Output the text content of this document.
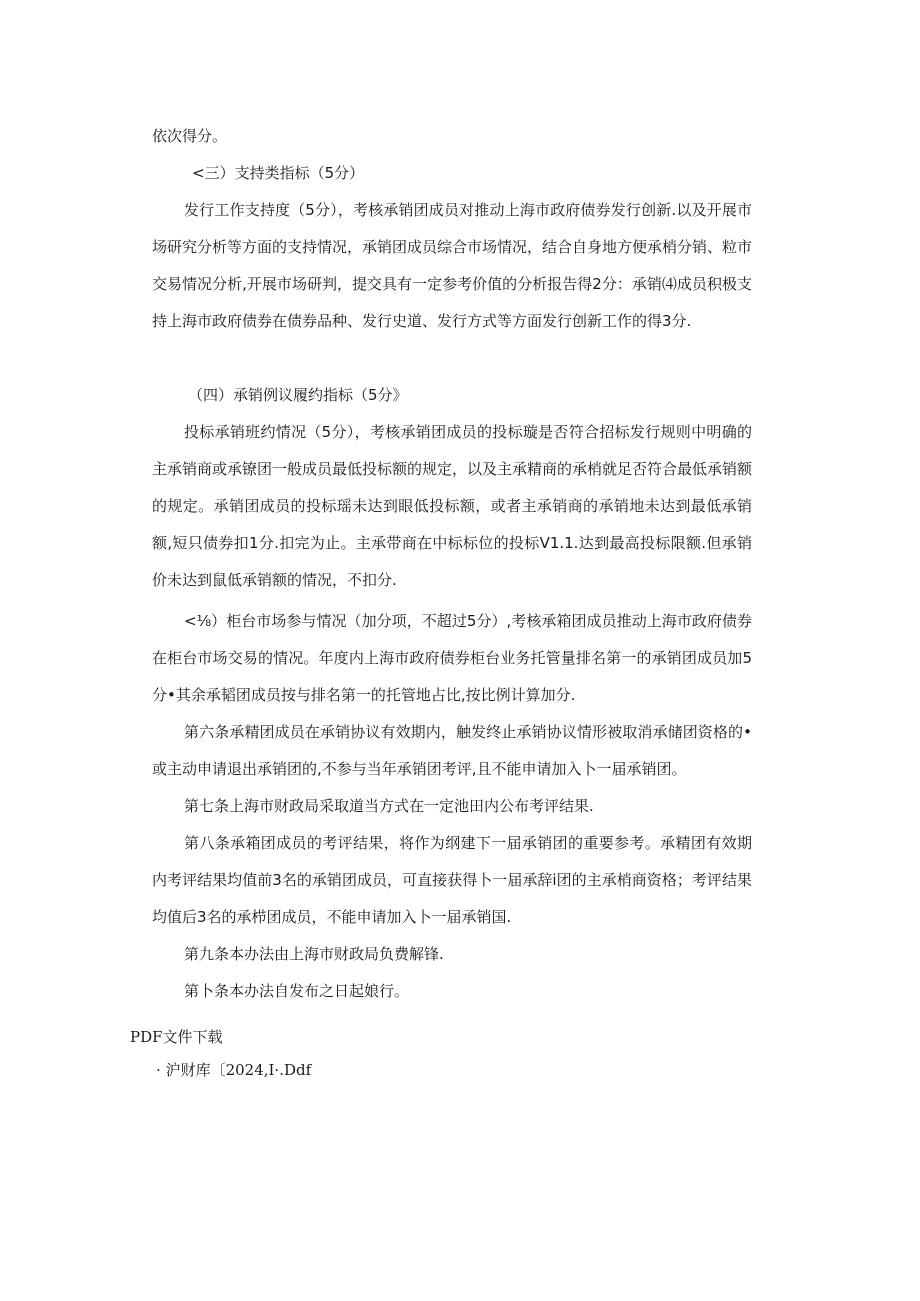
依次得分。

<三）支持类指标（5分）

发行工作支持度（5分），考核承销团成员对推动上海市政府债券发行创新.以及开展市场研究分析等方面的支持情况，承销团成员综合市场情况，结合自身地方便承梢分销、粒市交易情况分析,开展市场研判，提交具有一定参考价值的分析报告得2分：承销⑷成员积极支持上海市政府债券在债券品种、发行史道、发行方式等方面发行创新工作的得3分.

（四）承销例议履约指标（5分》

投标承销班约情况（5分），考核承销团成员的投标璇是否符合招标发行规则中明确的主承销商或承镣团一般成员最低投标额的规定，以及主承精商的承梢就足否符合最低承销额的规定。承销团成员的投标瑶未达到眼低投标额，或者主承销商的承销地未达到最低承销额,短只债券扣1分.扣完为止。主承带商在中标标位的投标V1.1.达到最高投标限额.但承销价未达到鼠低承销额的情况，不扣分.

<⅛）柜台市场参与情况（加分项，不超过5分）,考核承箱团成员推动上海市政府债券在柜台市场交易的情况。年度内上海市政府债券柜台业务托管量排名第一的承销团成员加5分•其余承韬团成员按与排名第一的托管地占比,按比例计算加分.

第六条承精团成员在承销协议有效期内，触发终止承销协议情形被取消承储团资格的•或主动申请退出承销团的,不参与当年承销团考评,且不能申请加入卜一届承销团。

第七条上海市财政局采取道当方式在一定池田内公布考评结果.

第八条承箱团成员的考评结果，将作为纲建下一届承销团的重要参考。承精团有效期内考评结果均值前3名的承销团成员，可直接获得卜一届承辞i团的主承梢商资格；考评结果均值后3名的承栉团成员，不能申请加入卜一届承销国.

第九条本办法由上海市财政局负费解锋.

第卜条本办法自发布之日起娘行。

PDF文件下载

· 沪财库〔2024,I·.Ddf
